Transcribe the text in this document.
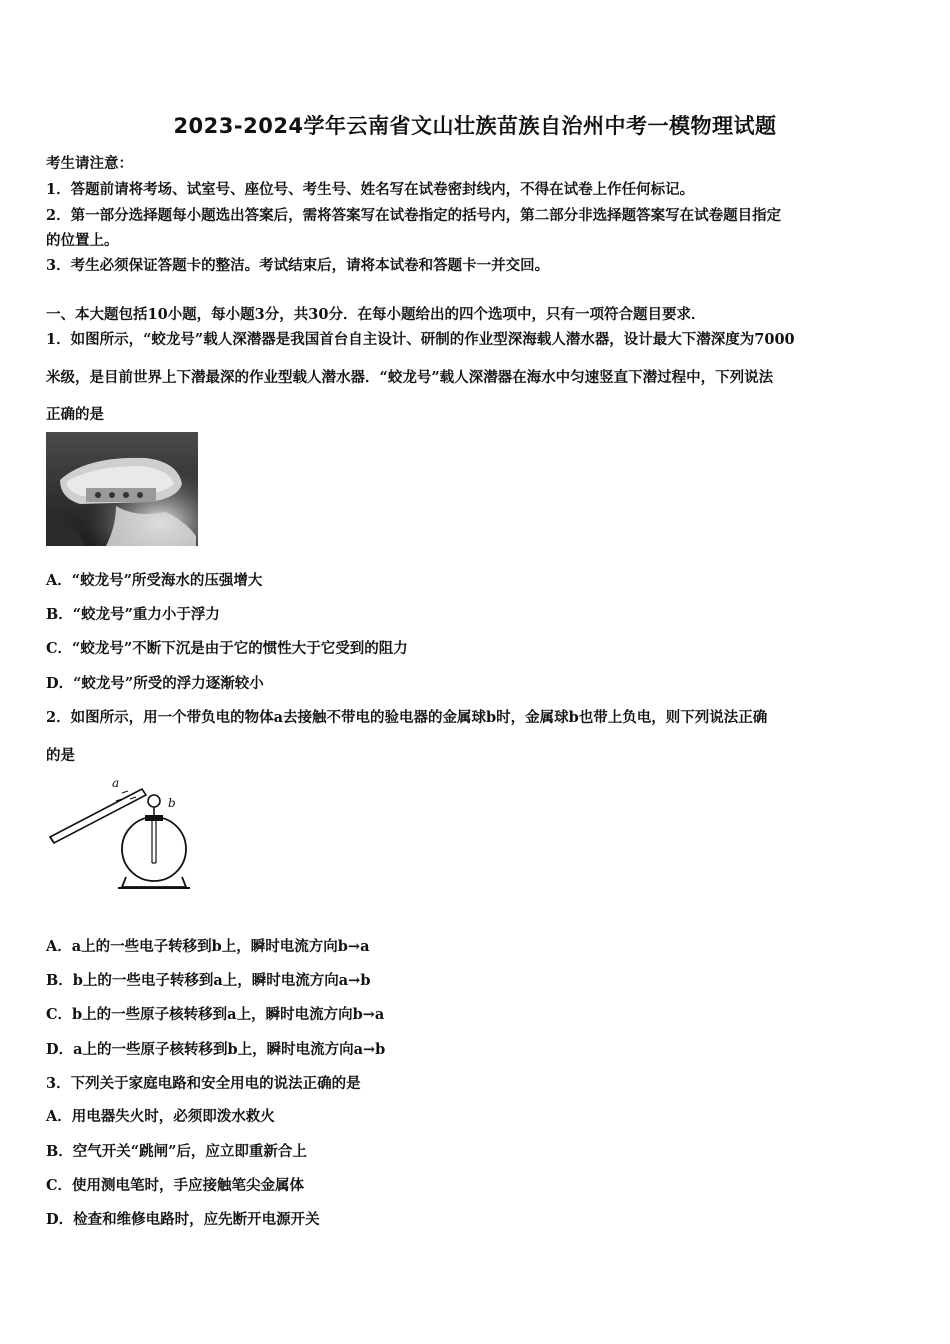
2023-2024学年云南省文山壮族苗族自治州中考一模物理试题
考生请注意：
1．答题前请将考场、试室号、座位号、考生号、姓名写在试卷密封线内，不得在试卷上作任何标记。
2．第一部分选择题每小题选出答案后，需将答案写在试卷指定的括号内，第二部分非选择题答案写在试卷题目指定
的位置上。
3．考生必须保证答题卡的整洁。考试结束后，请将本试卷和答题卡一并交回。
一、本大题包括10小题，每小题3分，共30分．在每小题给出的四个选项中，只有一项符合题目要求．
1．如图所示，“蛟龙号”载人深潜器是我国首台自主设计、研制的作业型深海载人潜水器，设计最大下潜深度为7000
米级，是目前世界上下潜最深的作业型载人潜水器．“蛟龙号”载人深潜器在海水中匀速竖直下潜过程中，下列说法
正确的是
A．“蛟龙号”所受海水的压强增大
B．“蛟龙号”重力小于浮力
C．“蛟龙号”不断下沉是由于它的惯性大于它受到的阻力
D．“蛟龙号”所受的浮力逐渐较小
2．如图所示，用一个带负电的物体a去接触不带电的验电器的金属球b时，金属球b也带上负电，则下列说法正确
的是
a
b
A．a上的一些电子转移到b上，瞬时电流方向b→a
B．b上的一些电子转移到a上，瞬时电流方向a→b
C．b上的一些原子核转移到a上，瞬时电流方向b→a
D．a上的一些原子核转移到b上，瞬时电流方向a→b
3．下列关于家庭电路和安全用电的说法正确的是
A．用电器失火时，必须即泼水救火
B．空气开关“跳闸”后，应立即重新合上
C．使用测电笔时，手应接触笔尖金属体
D．检查和维修电路时，应先断开电源开关
